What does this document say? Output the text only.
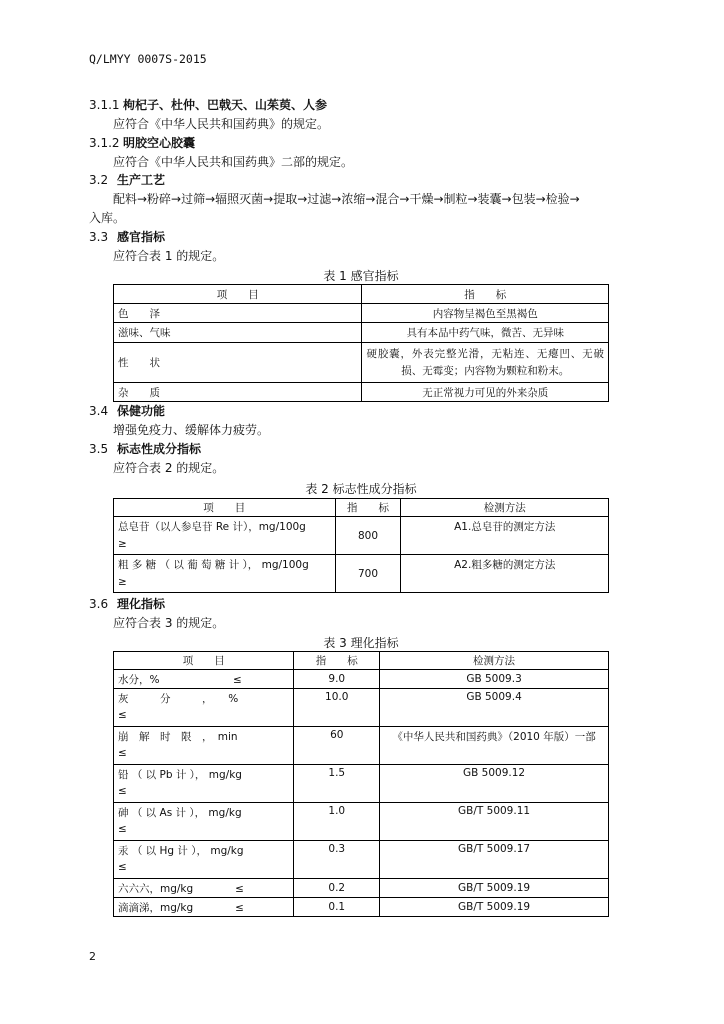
Q/LMYY 0007S-2015
3.1.1 枸杞子、杜仲、巴戟天、山茱萸、人参
应符合《中华人民共和国药典》的规定。
3.1.2 明胶空心胶囊
应符合《中华人民共和国药典》二部的规定。
3.2 生产工艺
配料→粉碎→过筛→辐照灭菌→提取→过滤→浓缩→混合→干燥→制粒→装囊→包装→检验→
入库。
3.3 感官指标
应符合表 1 的规定。
表 1 感官指标
项　　目	指　　标
色　　泽	内容物呈褐色至黑褐色
滋味、气味	具有本品中药气味，微苦、无异味
性　　状	硬胶囊，外表完整光滑，无粘连、无瘪凹、无破
损、无霉变；内容物为颗粒和粉末。

杂　　质	无正常视力可见的外来杂质
3.4 保健功能
增强免疫力、缓解体力疲劳。
3.5 标志性成分指标
应符合表 2 的规定。
表 2 标志性成分指标
项　　目	指　　标	检测方法

总皂苷（以人参皂苷 Re 计），mg/100g
≥	800	A1.总皂苷的测定方法

粗 多 糖 （ 以 葡 萄 糖 计 ）， mg/100g
≥	700	A2.粗多糖的测定方法
3.6 理化指标
应符合表 3 的规定。
表 3 理化指标
项　　目	指　　标	检测方法
水分，%　　　　　　　≤	9.0	GB 5009.3

灰　　　分　　　，　　%
≤	10.0	GB 5009.4

崩　解　时　限　，　min
≤	60	《中华人民共和国药典》（2010 年版）一部

铅 （ 以 Pb 计 ）， mg/kg
≤	1.5	GB 5009.12

砷 （ 以 As 计 ）， mg/kg
≤	1.0	GB/T 5009.11

汞 （ 以 Hg 计 ）， mg/kg
≤	0.3	GB/T 5009.17
六六六，mg/kg　　　　≤	0.2	GB/T 5009.19
滴滴涕，mg/kg　　　　≤	0.1	GB/T 5009.19
2
